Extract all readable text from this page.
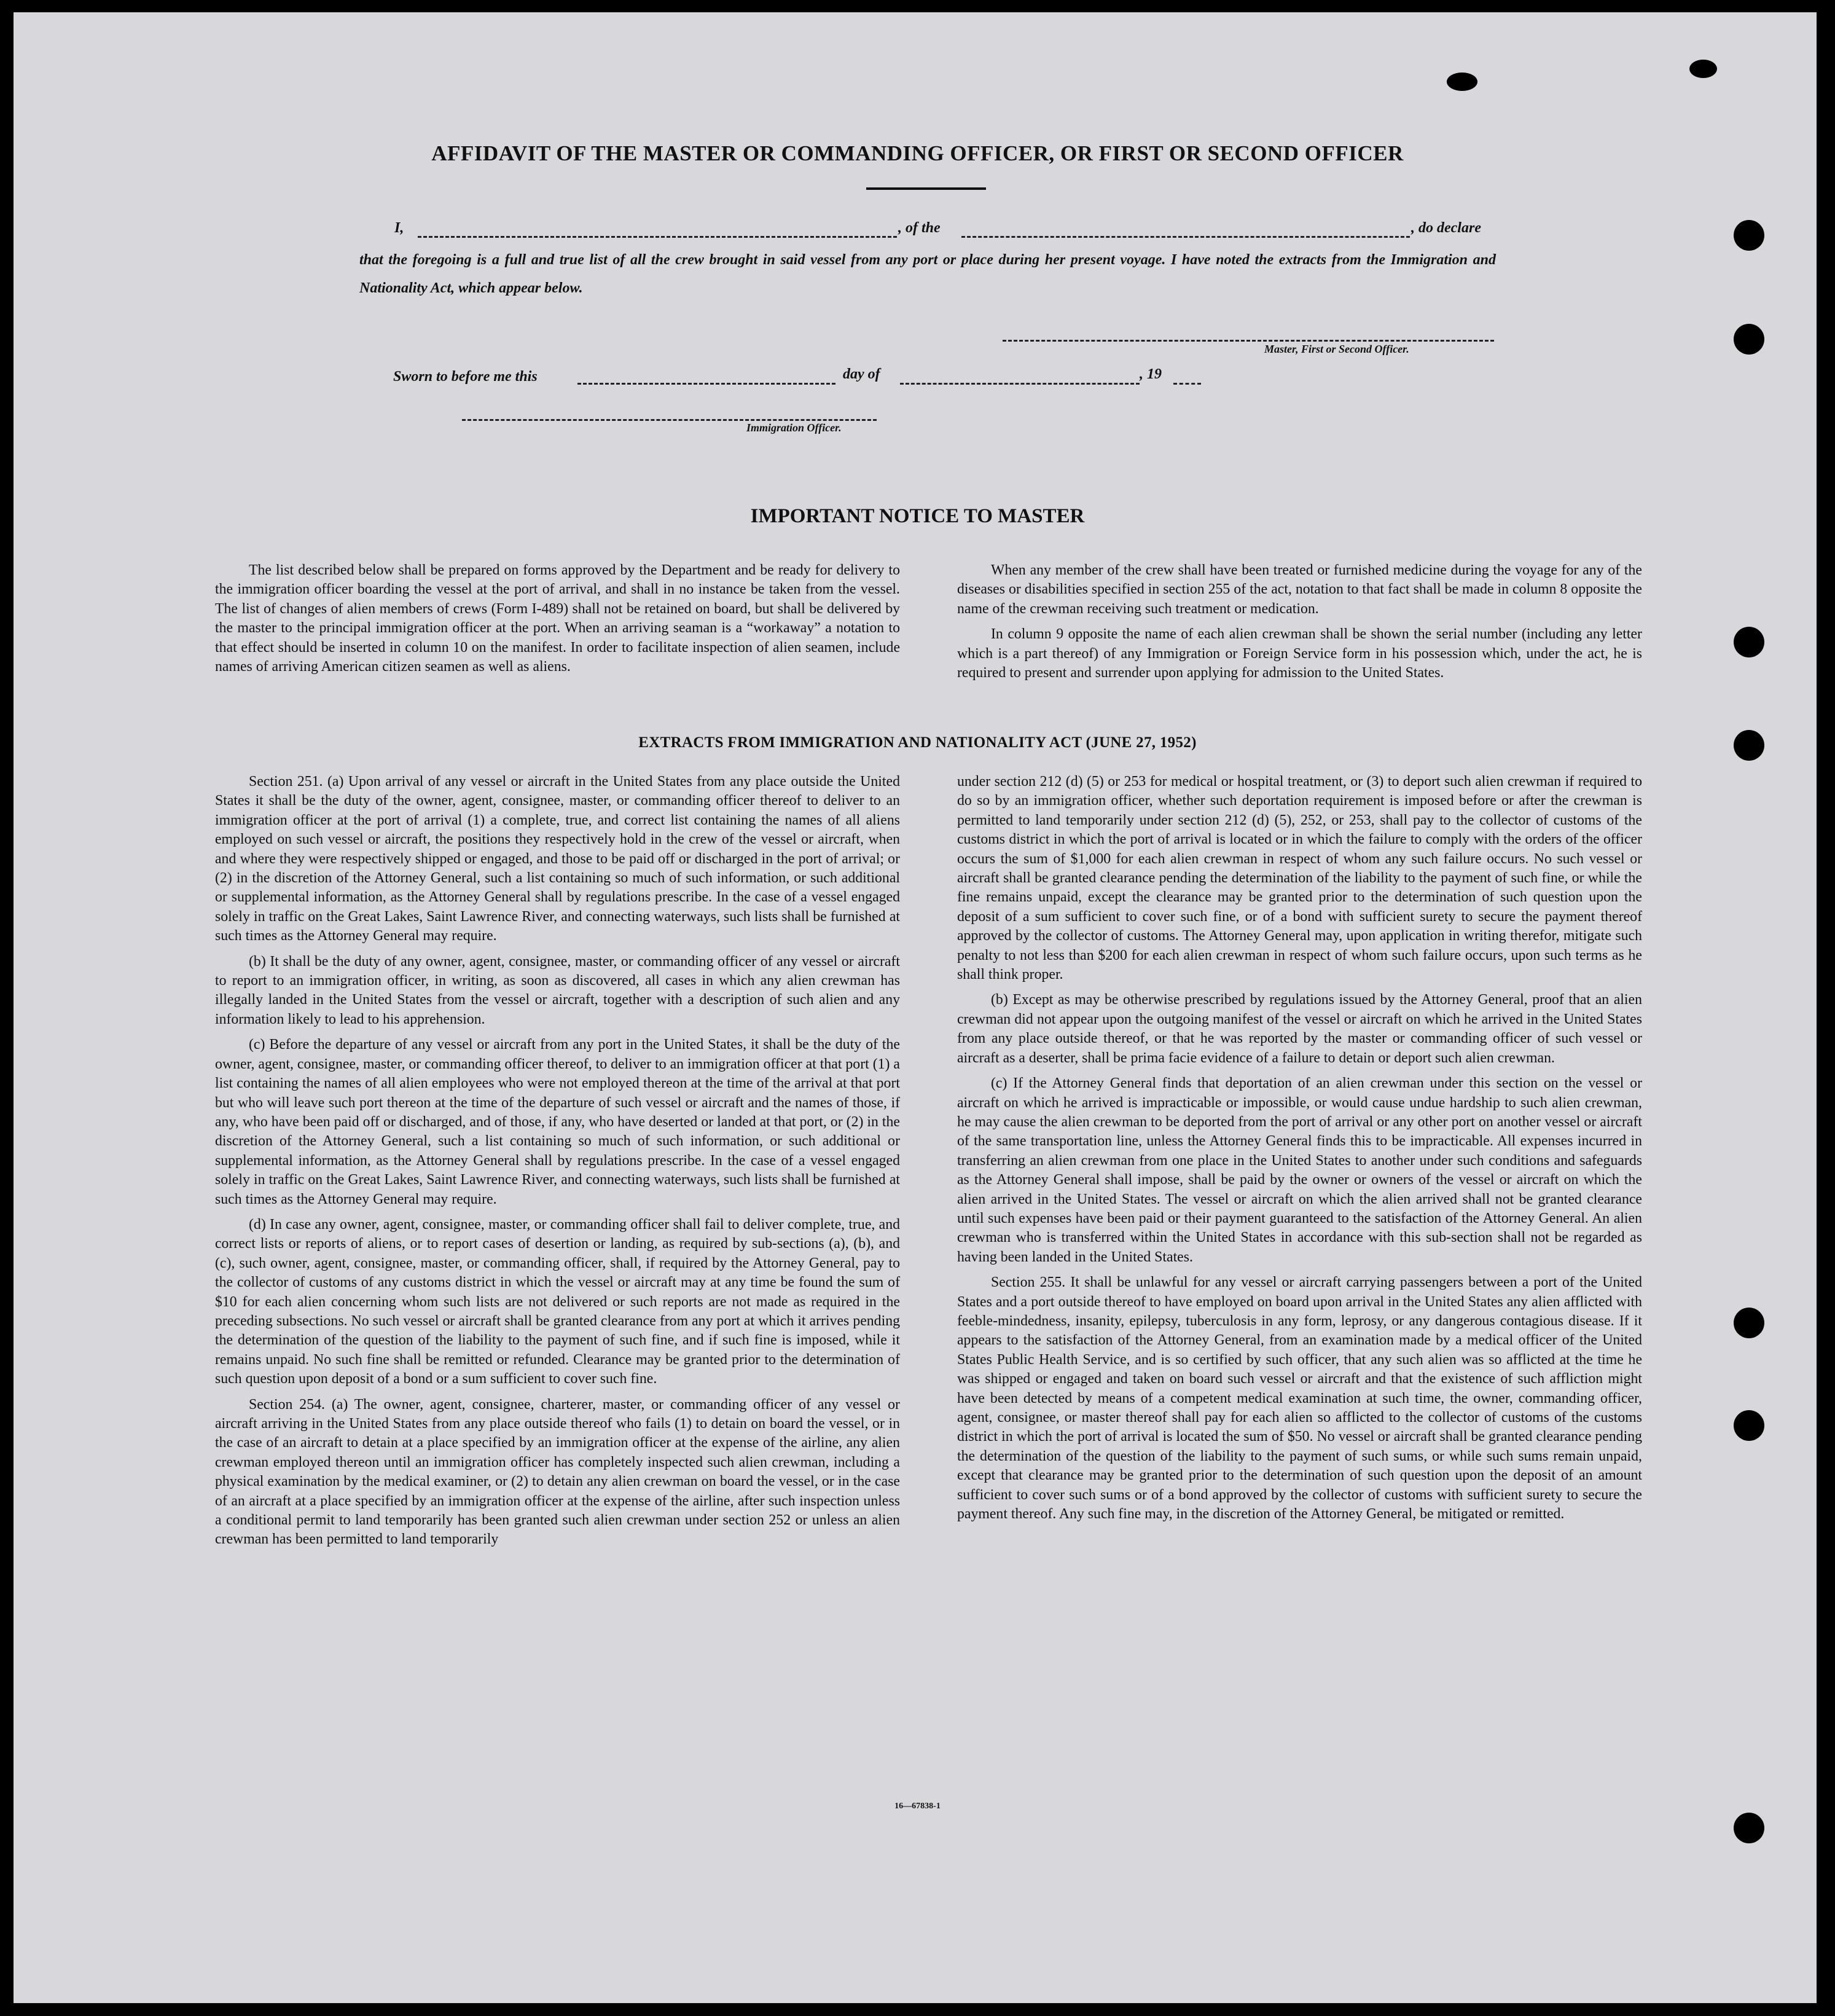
AFFIDAVIT OF THE MASTER OR COMMANDING OFFICER, OR FIRST OR SECOND OFFICER
I,	, of the	, do declare
that the foregoing is a full and true list of all the crew brought in said vessel from any port or place during her present voyage. I have noted the extracts from the Immigration and Nationality Act, which appear below.
Master, First or Second Officer.
Sworn to before me this	day of	, 19
Immigration Officer.
IMPORTANT NOTICE TO MASTER

The list described below shall be prepared on forms approved by the Department and be ready for delivery to the immigration officer boarding the vessel at the port of arrival, and shall in no instance be taken from the vessel. The list of changes of alien members of crews (Form I-489) shall not be retained on board, but shall be delivered by the master to the principal immigration officer at the port. When an arriving seaman is a “workaway” a notation to that effect should be inserted in column 10 on the manifest. In order to facilitate inspection of alien seamen, include names of arriving American citizen seamen as well as aliens.

When any member of the crew shall have been treated or furnished medicine during the voyage for any of the diseases or disabilities specified in section 255 of the act, notation to that fact shall be made in column 8 opposite the name of the crewman receiving such treatment or medication.

In column 9 opposite the name of each alien crewman shall be shown the serial number (including any letter which is a part thereof) of any Immigration or Foreign Service form in his possession which, under the act, he is required to present and surrender upon applying for admission to the United States.

EXTRACTS FROM IMMIGRATION AND NATIONALITY ACT (JUNE 27, 1952)

Section 251. (a) Upon arrival of any vessel or aircraft in the United States from any place outside the United States it shall be the duty of the owner, agent, consignee, master, or commanding officer thereof to deliver to an immigration officer at the port of arrival (1) a complete, true, and correct list containing the names of all aliens employed on such vessel or aircraft, the positions they respectively hold in the crew of the vessel or aircraft, when and where they were respectively shipped or engaged, and those to be paid off or discharged in the port of arrival; or (2) in the discretion of the Attorney General, such a list containing so much of such information, or such additional or supplemental information, as the Attorney General shall by regulations prescribe. In the case of a vessel engaged solely in traffic on the Great Lakes, Saint Lawrence River, and connecting waterways, such lists shall be furnished at such times as the Attorney General may require.

(b) It shall be the duty of any owner, agent, consignee, master, or commanding officer of any vessel or aircraft to report to an immigration officer, in writing, as soon as discovered, all cases in which any alien crewman has illegally landed in the United States from the vessel or aircraft, together with a description of such alien and any information likely to lead to his apprehension.

(c) Before the departure of any vessel or aircraft from any port in the United States, it shall be the duty of the owner, agent, consignee, master, or commanding officer thereof, to deliver to an immigration officer at that port (1) a list containing the names of all alien employees who were not employed thereon at the time of the arrival at that port but who will leave such port thereon at the time of the departure of such vessel or aircraft and the names of those, if any, who have been paid off or discharged, and of those, if any, who have deserted or landed at that port, or (2) in the discretion of the Attorney General, such a list containing so much of such information, or such additional or supplemental information, as the Attorney General shall by regulations prescribe. In the case of a vessel engaged solely in traffic on the Great Lakes, Saint Lawrence River, and connecting waterways, such lists shall be furnished at such times as the Attorney General may require.

(d) In case any owner, agent, consignee, master, or commanding officer shall fail to deliver complete, true, and correct lists or reports of aliens, or to report cases of desertion or landing, as required by sub-sections (a), (b), and (c), such owner, agent, consignee, master, or commanding officer, shall, if required by the Attorney General, pay to the collector of customs of any customs district in which the vessel or aircraft may at any time be found the sum of $10 for each alien concerning whom such lists are not delivered or such reports are not made as required in the preceding subsections. No such vessel or aircraft shall be granted clearance from any port at which it arrives pending the determination of the question of the liability to the payment of such fine, and if such fine is imposed, while it remains unpaid. No such fine shall be remitted or refunded. Clearance may be granted prior to the determination of such question upon deposit of a bond or a sum sufficient to cover such fine.

Section 254. (a) The owner, agent, consignee, charterer, master, or commanding officer of any vessel or aircraft arriving in the United States from any place outside thereof who fails (1) to detain on board the vessel, or in the case of an aircraft to detain at a place specified by an immigration officer at the expense of the airline, any alien crewman employed thereon until an immigration officer has completely inspected such alien crewman, including a physical examination by the medical examiner, or (2) to detain any alien crewman on board the vessel, or in the case of an aircraft at a place specified by an immigration officer at the expense of the airline, after such inspection unless a conditional permit to land temporarily has been granted such alien crewman under section 252 or unless an alien crewman has been permitted to land temporarily

under section 212 (d) (5) or 253 for medical or hospital treatment, or (3) to deport such alien crewman if required to do so by an immigration officer, whether such deportation requirement is imposed before or after the crewman is permitted to land temporarily under section 212 (d) (5), 252, or 253, shall pay to the collector of customs of the customs district in which the port of arrival is located or in which the failure to comply with the orders of the officer occurs the sum of $1,000 for each alien crewman in respect of whom any such failure occurs. No such vessel or aircraft shall be granted clearance pending the determination of the liability to the payment of such fine, or while the fine remains unpaid, except the clearance may be granted prior to the determination of such question upon the deposit of a sum sufficient to cover such fine, or of a bond with sufficient surety to secure the payment thereof approved by the collector of customs. The Attorney General may, upon application in writing therefor, mitigate such penalty to not less than $200 for each alien crewman in respect of whom such failure occurs, upon such terms as he shall think proper.

(b) Except as may be otherwise prescribed by regulations issued by the Attorney General, proof that an alien crewman did not appear upon the outgoing manifest of the vessel or aircraft on which he arrived in the United States from any place outside thereof, or that he was reported by the master or commanding officer of such vessel or aircraft as a deserter, shall be prima facie evidence of a failure to detain or deport such alien crewman.

(c) If the Attorney General finds that deportation of an alien crewman under this section on the vessel or aircraft on which he arrived is impracticable or impossible, or would cause undue hardship to such alien crewman, he may cause the alien crewman to be deported from the port of arrival or any other port on another vessel or aircraft of the same transportation line, unless the Attorney General finds this to be impracticable. All expenses incurred in transferring an alien crewman from one place in the United States to another under such conditions and safeguards as the Attorney General shall impose, shall be paid by the owner or owners of the vessel or aircraft on which the alien arrived in the United States. The vessel or aircraft on which the alien arrived shall not be granted clearance until such expenses have been paid or their payment guaranteed to the satisfaction of the Attorney General. An alien crewman who is transferred within the United States in accordance with this sub-section shall not be regarded as having been landed in the United States.

Section 255. It shall be unlawful for any vessel or aircraft carrying passengers between a port of the United States and a port outside thereof to have employed on board upon arrival in the United States any alien afflicted with feeble-mindedness, insanity, epilepsy, tuberculosis in any form, leprosy, or any dangerous contagious disease. If it appears to the satisfaction of the Attorney General, from an examination made by a medical officer of the United States Public Health Service, and is so certified by such officer, that any such alien was so afflicted at the time he was shipped or engaged and taken on board such vessel or aircraft and that the existence of such affliction might have been detected by means of a competent medical examination at such time, the owner, commanding officer, agent, consignee, or master thereof shall pay for each alien so afflicted to the collector of customs of the customs district in which the port of arrival is located the sum of $50. No vessel or aircraft shall be granted clearance pending the determination of the question of the liability to the payment of such sums, or while such sums remain unpaid, except that clearance may be granted prior to the determination of such question upon the deposit of an amount sufficient to cover such sums or of a bond approved by the collector of customs with sufficient surety to secure the payment thereof. Any such fine may, in the discretion of the Attorney General, be mitigated or remitted.

16—67838-1
